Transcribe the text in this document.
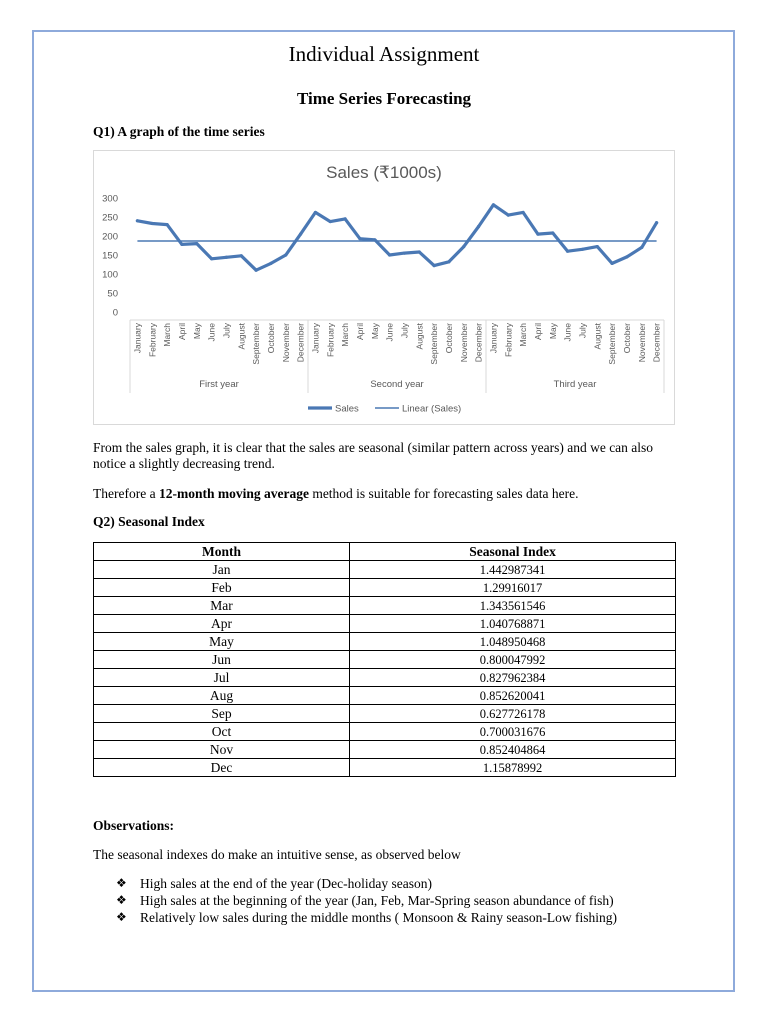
Individual Assignment
Time Series Forecasting
Q1) A graph of the time series
Sales (₹1000s)
0
50
100
150
200
250
300
January February March April May June July August September October November December January February March April May June July August September October November December January February March April May June July August September October November December
First year	Second year	Third year
Sales	Linear (Sales)
From the sales graph, it is clear that the sales are seasonal (similar pattern across years) and we can also notice a slightly decreasing trend.
Therefore a 12-month moving average method is suitable for forecasting sales data here.
Q2) Seasonal Index
Month	Seasonal Index
Jan	1.442987341
Feb	1.29916017
Mar	1.343561546
Apr	1.040768871
May	1.048950468
Jun	0.800047992
Jul	0.827962384
Aug	0.852620041
Sep	0.627726178
Oct	0.700031676
Nov	0.852404864
Dec	1.15878992
Observations:
The seasonal indexes do make an intuitive sense, as observed below
❖ High sales at the end of the year (Dec-holiday season)
❖ High sales at the beginning of the year (Jan, Feb, Mar-Spring season abundance of fish)
❖ Relatively low sales during the middle months ( Monsoon & Rainy season-Low fishing)
